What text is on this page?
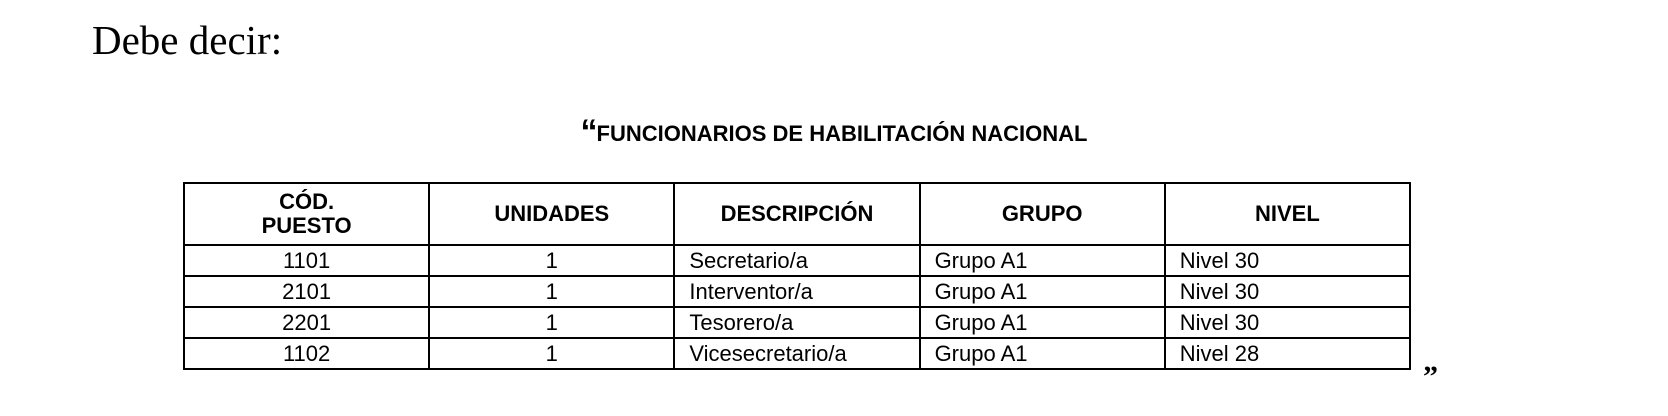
Debe decir:

“FUNCIONARIOS DE HABILITACIÓN NACIONAL
CÓD.
PUESTO	UNIDADES	DESCRIPCIÓN	GRUPO	NIVEL
1101	1	Secretario/a	Grupo A1	Nivel 30
2101	1	Interventor/a	Grupo A1	Nivel 30
2201	1	Tesorero/a	Grupo A1	Nivel 30
1102	1	Vicesecretario/a	Grupo A1	Nivel 28
”
